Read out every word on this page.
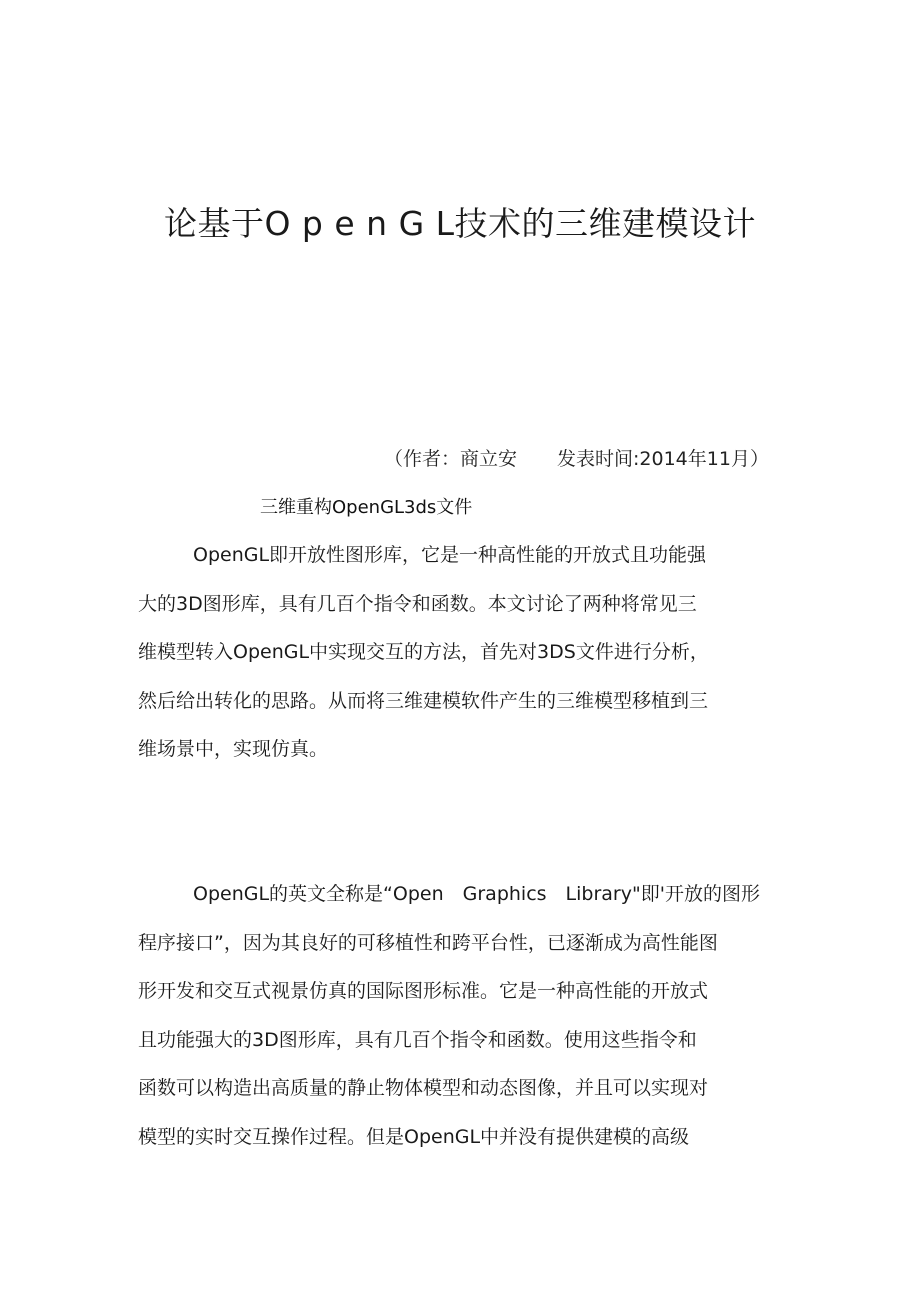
论基于O p e n G L技术的三维建模设计
（作者：商立安 发表时间:2014年11月）
三维重构OpenGL3ds文件
OpenGL即开放性图形库，它是一种高性能的开放式且功能强
大的3D图形库，具有几百个指令和函数。本文讨论了两种将常见三
维模型转入OpenGL中实现交互的方法，首先对3DS文件进行分析，
然后给出转化的思路。从而将三维建模软件产生的三维模型移植到三
维场景中，实现仿真。
OpenGL的英文全称是“Open　Graphics　Library"即'开放的图形
程序接口”，因为其良好的可移植性和跨平台性，已逐渐成为高性能图
形开发和交互式视景仿真的国际图形标准。它是一种高性能的开放式
且功能强大的3D图形库，具有几百个指令和函数。使用这些指令和
函数可以构造出高质量的静止物体模型和动态图像，并且可以实现对
模型的实时交互操作过程。但是OpenGL中并没有提供建模的高级
